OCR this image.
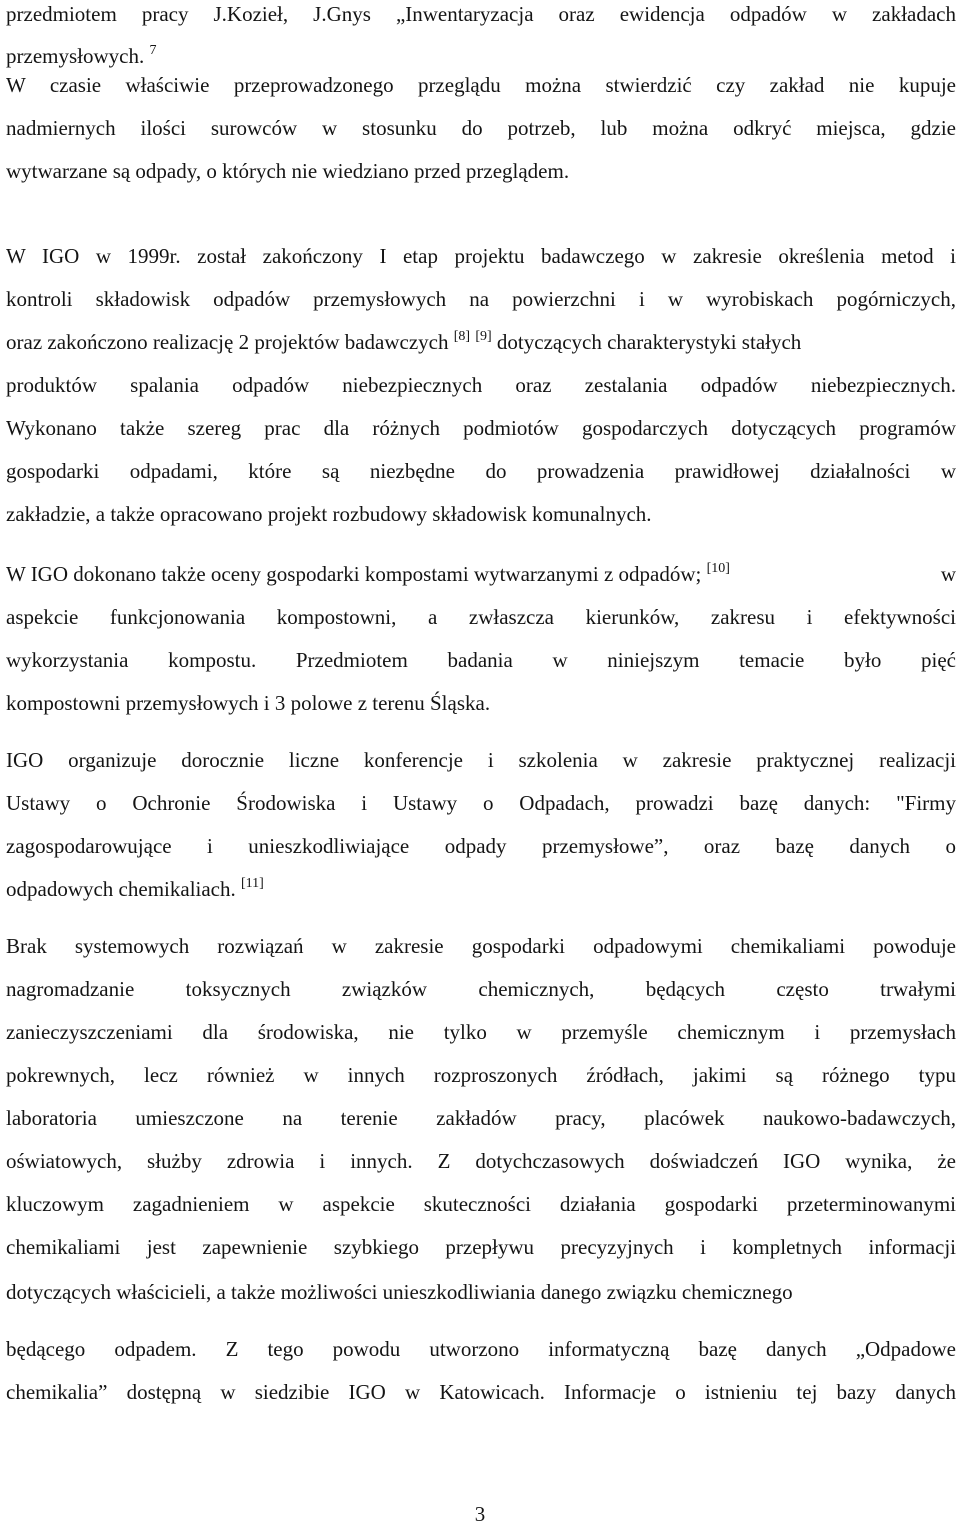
przedmiotem pracy J.Kozieł, J.Gnys „Inwentaryzacja oraz ewidencja odpadów w zakładach
przemysłowych. $^7$
W czasie właściwie przeprowadzonego przeglądu można stwierdzić czy zakład nie kupuje
nadmiernych ilości surowców w stosunku do potrzeb, lub można odkryć miejsca, gdzie
wytwarzane są odpady, o których nie wiedziano przed przeglądem.
W IGO w 1999r. został zakończony I etap projektu badawczego w zakresie określenia metod i
kontroli składowisk odpadów przemysłowych na powierzchni i w wyrobiskach pogórniczych,
oraz zakończono realizację 2 projektów badawczych [8] [9] dotyczących charakterystyki stałych
produktów spalania odpadów niebezpiecznych oraz zestalania odpadów niebezpiecznych.
Wykonano także szereg prac dla różnych podmiotów gospodarczych dotyczących programów
gospodarki odpadami, które są niezbędne do prowadzenia prawidłowej działalności w
zakładzie, a także opracowano projekt rozbudowy składowisk komunalnych.
W IGO dokonano także oceny gospodarki kompostami wytwarzanymi z odpadów; [10]	w
aspekcie funkcjonowania kompostowni, a zwłaszcza kierunków, zakresu i efektywności
wykorzystania kompostu. Przedmiotem badania w niniejszym temacie było pięć
kompostowni przemysłowych i 3 polowe z terenu Śląska.
IGO organizuje dorocznie liczne konferencje i szkolenia w zakresie praktycznej realizacji
Ustawy o Ochronie Środowiska i Ustawy o Odpadach, prowadzi bazę danych: "Firmy
zagospodarowujące i unieszkodliwiające odpady przemysłowe”, oraz bazę danych o
odpadowych chemikaliach. [11]
Brak systemowych rozwiązań w zakresie gospodarki odpadowymi chemikaliami powoduje
nagromadzanie toksycznych związków chemicznych, będących często trwałymi
zanieczyszczeniami dla środowiska, nie tylko w przemyśle chemicznym i przemysłach
pokrewnych, lecz również w innych rozproszonych źródłach, jakimi są różnego typu
laboratoria umieszczone na terenie zakładów pracy, placówek naukowo-badawczych,
oświatowych, służby zdrowia i innych. Z dotychczasowych doświadczeń IGO wynika, że
kluczowym zagadnieniem w aspekcie skuteczności działania gospodarki przeterminowanymi
chemikaliami jest zapewnienie szybkiego przepływu precyzyjnych i kompletnych informacji
dotyczących właścicieli, a także możliwości unieszkodliwiania danego związku chemicznego
będącego odpadem. Z tego powodu utworzono informatyczną bazę danych „Odpadowe
chemikalia” dostępną w siedzibie IGO w Katowicach. Informacje o istnieniu tej bazy danych
3
